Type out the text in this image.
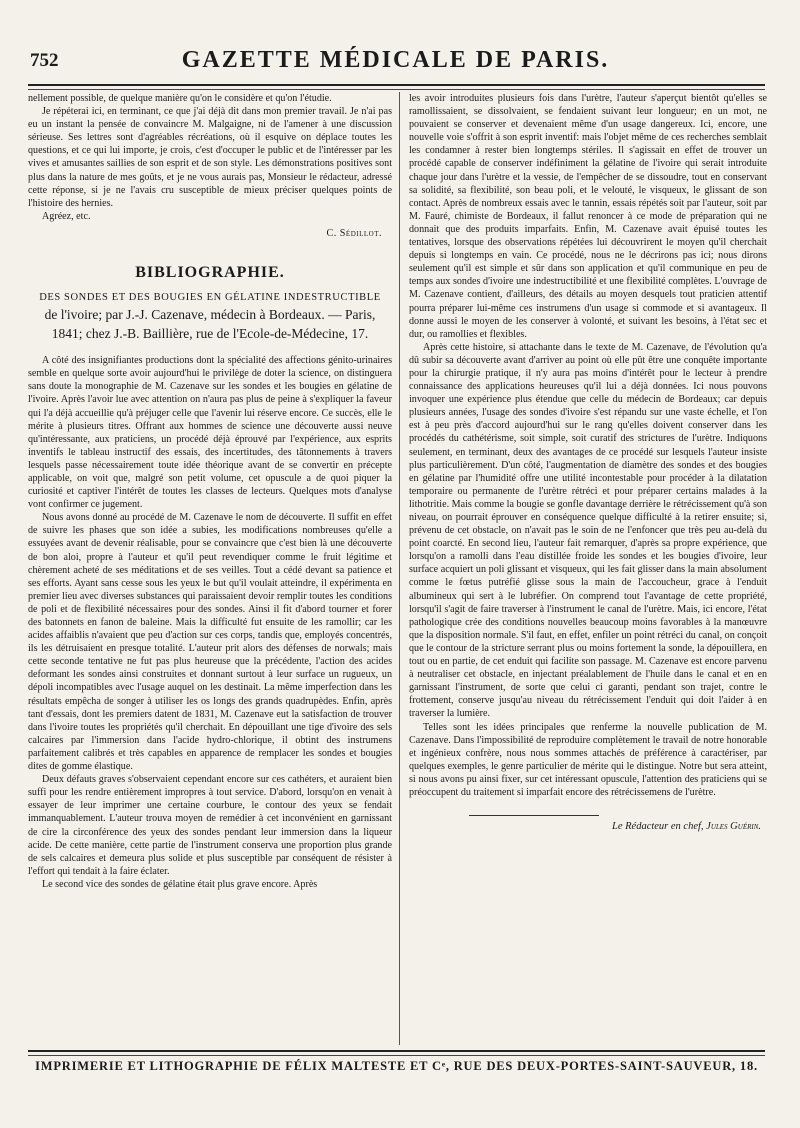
752	GAZETTE MÉDICALE DE PARIS.

nellement possible, de quelque manière qu'on le considère et qu'on l'étudie.

Je répéterai ici, en terminant, ce que j'ai déjà dit dans mon premier travail. Je n'ai pas eu un instant la pensée de convaincre M. Malgaigne, ni de l'amener à une discussion sérieuse. Ses lettres sont d'agréables récréations, où il esquive on déplace toutes les questions, et ce qui lui importe, je crois, c'est d'occuper le public et de l'intéresser par les vives et amusantes saillies de son esprit et de son style. Les démonstrations positives sont plus dans la nature de mes goûts, et je ne vous aurais pas, Monsieur le rédacteur, adressé cette réponse, si je ne l'avais cru susceptible de mieux préciser quelques points de l'histoire des hernies.

Agréez, etc.

C. Sédillot.

BIBLIOGRAPHIE.

DES SONDES ET DES BOUGIES EN GÉLATINE INDESTRUCTIBLE
de l'ivoire; par J.-J. Cazenave, médecin à Bordeaux. — Paris, 1841; chez J.-B. Baillière, rue de l'Ecole-de-Médecine, 17.

A côté des insignifiantes productions dont la spécialité des affections génito-urinaires semble en quelque sorte avoir aujourd'hui le privilège de doter la science, on distinguera sans doute la monographie de M. Cazenave sur les sondes et les bougies en gélatine de l'ivoire. Après l'avoir lue avec attention on n'aura pas plus de peine à s'expliquer la faveur qui l'a déjà accueillie qu'à préjuger celle que l'avenir lui réserve encore. Ce succès, elle le mérite à plusieurs titres. Offrant aux hommes de science une découverte aussi neuve qu'intéressante, aux praticiens, un procédé déjà éprouvé par l'expérience, aux esprits inventifs le tableau instructif des essais, des incertitudes, des tâtonnements à travers lesquels passe nécessairement toute idée théorique avant de se convertir en précepte applicable, on voit que, malgré son petit volume, cet opuscule a de quoi piquer la curiosité et captiver l'intérêt de toutes les classes de lecteurs. Quelques mots d'analyse vont confirmer ce jugement.

Nous avons donné au procédé de M. Cazenave le nom de découverte. Il suffit en effet de suivre les phases que son idée a subies, les modifications nombreuses qu'elle a essuyées avant de devenir réalisable, pour se convaincre que c'est bien là une découverte de bon aloi, propre à l'auteur et qu'il peut revendiquer comme le fruit légitime et chèrement acheté de ses méditations et de ses veilles. Tout a cédé devant sa patience et ses efforts. Ayant sans cesse sous les yeux le but qu'il voulait atteindre, il expérimenta en premier lieu avec diverses substances qui paraissaient devoir remplir toutes les conditions de poli et de flexibilité nécessaires pour des sondes. Ainsi il fit d'abord tourner et forer des batonnets en fanon de baleine. Mais la difficulté fut ensuite de les ramollir; car les acides affaiblis n'avaient que peu d'action sur ces corps, tandis que, employés concentrés, ils les détruisaient en presque totalité. L'auteur prit alors des défenses de norwals; mais cette seconde tentative ne fut pas plus heureuse que la précédente, l'action des acides deformant les sondes ainsi construites et donnant surtout à leur surface un rugueux, un dépoli incompatibles avec l'usage auquel on les destinait. La même imperfection dans les résultats empêcha de songer à utiliser les os longs des grands quadrupèdes. Enfin, après tant d'essais, dont les premiers datent de 1831, M. Cazenave eut la satisfaction de trouver dans l'ivoire toutes les propriétés qu'il cherchait. En dépouillant une tige d'ivoire des sels calcaires par l'immersion dans l'acide hydro-chlorique, il obtint des instrumens parfaitement calibrés et très capables en apparence de remplacer les sondes et bougies dites de gomme élastique.

Deux défauts graves s'observaient cependant encore sur ces cathéters, et auraient bien suffi pour les rendre entièrement impropres à tout service. D'abord, lorsqu'on en venait à essayer de leur imprimer une certaine courbure, le contour des yeux se fendait immanquablement. L'auteur trouva moyen de remédier à cet inconvénient en garnissant de cire la circonférence des yeux des sondes pendant leur immersion dans la liqueur acide. De cette manière, cette partie de l'instrument conserva une proportion plus grande de sels calcaires et demeura plus solide et plus susceptible par conséquent de résister à l'effort qui tendait à la faire éclater.

Le second vice des sondes de gélatine était plus grave encore. Après

les avoir introduites plusieurs fois dans l'urètre, l'auteur s'aperçut bientôt qu'elles se ramollissaient, se dissolvaient, se fendaient suivant leur longueur; en un mot, ne pouvaient se conserver et devenaient même d'un usage dangereux. Ici, encore, une nouvelle voie s'offrit à son esprit inventif: mais l'objet même de ces recherches semblait les condamner à rester bien longtemps stériles. Il s'agissait en effet de trouver un procédé capable de conserver indéfiniment la gélatine de l'ivoire qui serait introduite chaque jour dans l'urètre et la vessie, de l'empêcher de se dissoudre, tout en conservant sa solidité, sa flexibilité, son beau poli, et le velouté, le visqueux, le glissant de son contact. Après de nombreux essais avec le tannin, essais répétés soit par l'auteur, soit par M. Fauré, chimiste de Bordeaux, il fallut renoncer à ce mode de préparation qui ne donnait que des produits imparfaits. Enfin, M. Cazenave avait épuisé toutes les tentatives, lorsque des observations répétées lui découvrirent le moyen qu'il cherchait depuis si longtemps en vain. Ce procédé, nous ne le décrirons pas ici; nous dirons seulement qu'il est simple et sûr dans son application et qu'il communique en peu de temps aux sondes d'ivoire une indestructibilité et une flexibilité complètes. L'ouvrage de M. Cazenave contient, d'ailleurs, des détails au moyen desquels tout praticien attentif pourra préparer lui-même ces instrumens d'un usage si commode et si avantageux. Il donne aussi le moyen de les conserver à volonté, et suivant les besoins, à l'état sec et dur, ou ramollies et flexibles.

Après cette histoire, si attachante dans le texte de M. Cazenave, de l'évolution qu'a dû subir sa découverte avant d'arriver au point où elle pût être une conquête importante pour la chirurgie pratique, il n'y aura pas moins d'intérêt pour le lecteur à prendre connaissance des applications heureuses qu'il lui a déjà données. Ici nous pouvons invoquer une expérience plus étendue que celle du médecin de Bordeaux; car depuis plusieurs années, l'usage des sondes d'ivoire s'est répandu sur une vaste échelle, et l'on est à peu près d'accord aujourd'hui sur le rang qu'elles doivent conserver dans les procédés du cathétérisme, soit simple, soit curatif des strictures de l'urètre. Indiquons seulement, en terminant, deux des avantages de ce procédé sur lesquels l'auteur insiste plus particulièrement. D'un côté, l'augmentation de diamètre des sondes et des bougies en gélatine par l'humidité offre une utilité incontestable pour procéder à la dilatation temporaire ou permanente de l'urètre rétréci et pour préparer certains malades à la lithotritie. Mais comme la bougie se gonfle davantage derrière le rétrécissement qu'à son niveau, on pourrait éprouver en conséquence quelque difficulté à la retirer ensuite; si, prévenu de cet obstacle, on n'avait pas le soin de ne l'enfoncer que très peu au-delà du point coarcté. En second lieu, l'auteur fait remarquer, d'après sa propre expérience, que lorsqu'on a ramolli dans l'eau distillée froide les sondes et les bougies d'ivoire, leur surface acquiert un poli glissant et visqueux, qui les fait glisser dans la main absolument comme le fœtus putréfié glisse sous la main de l'accoucheur, grace à l'enduit albumineux qui sert à le lubréfier. On comprend tout l'avantage de cette propriété, lorsqu'il s'agit de faire traverser à l'instrument le canal de l'urètre. Mais, ici encore, l'état pathologique crée des conditions nouvelles beaucoup moins favorables à la manœuvre que la disposition normale. S'il faut, en effet, enfiler un point rétréci du canal, on conçoit que le contour de la stricture serrant plus ou moins fortement la sonde, la dépouillera, en tout ou en partie, de cet enduit qui facilite son passage. M. Cazenave est encore parvenu à neutraliser cet obstacle, en injectant préalablement de l'huile dans le canal et en en garnissant l'instrument, de sorte que celui ci garanti, pendant son trajet, contre le frottement, conserve jusqu'au niveau du rétrécissement l'enduit qui doit l'aider à en traverser la lumière.

Telles sont les idées principales que renferme la nouvelle publication de M. Cazenave. Dans l'impossibilité de reproduire complètement le travail de notre honorable et ingénieux confrère, nous nous sommes attachés de préférence à caractériser, par quelques exemples, le genre particulier de mérite qui le distingue. Notre but sera atteint, si nous avons pu ainsi fixer, sur cet intéressant opuscule, l'attention des praticiens qui se préoccupent du traitement si imparfait encore des rétrécissemens de l'urètre.

Le Rédacteur en chef, Jules Guérin.

IMPRIMERIE ET LITHOGRAPHIE DE FÉLIX MALTESTE ET Cᵉ, RUE DES DEUX-PORTES-SAINT-SAUVEUR, 18.
